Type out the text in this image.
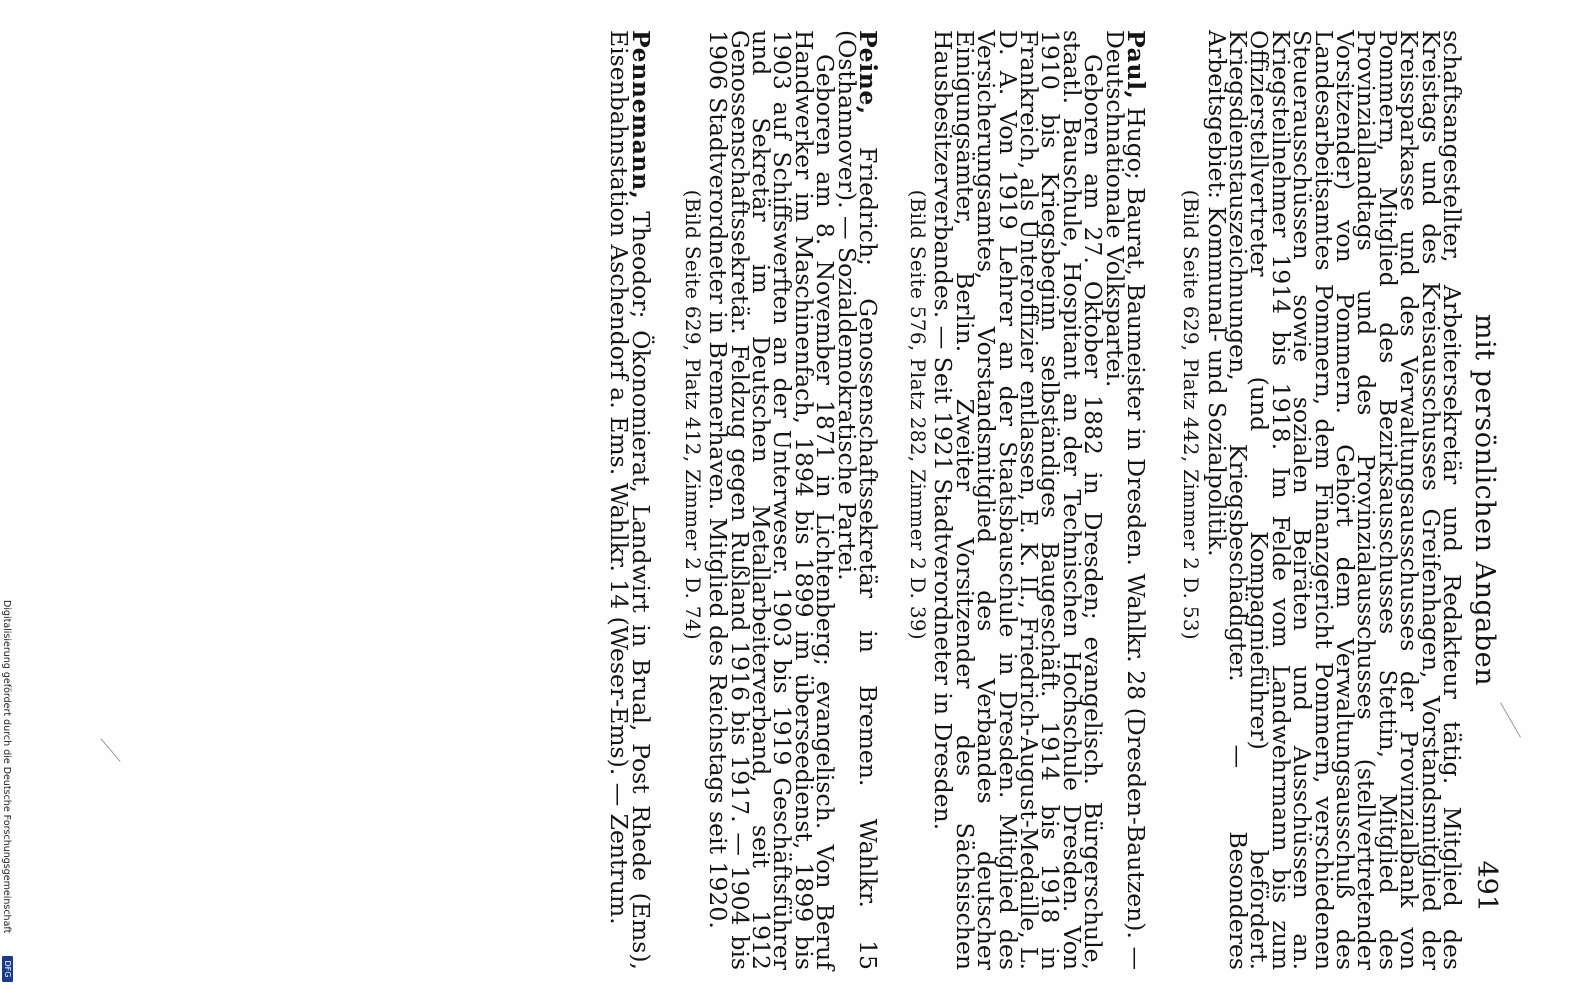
mit persönlichen Angaben
491

schaftsangestellter, Arbeitersekretär und Redakteur tätig. Mitglied des Kreistags und des Kreisausschusses Greifenhagen, Vorstandsmitglied der Kreissparkasse und des Verwaltungsausschusses der Provinzialbank von Pommern, Mitglied des Bezirksausschusses Stettin, Mitglied des Provinziallandtags und des Provinzialausschusses (stellvertretender Vorsitzender) von Pommern. Gehört dem Verwaltungsausschuß des Landesarbeitsamtes Pommern, dem Finanzgericht Pommern, verschiedenen Steuerausschüssen sowie sozialen Beiräten und Ausschüssen an. Kriegsteilnehmer 1914 bis 1918. Im Felde vom Landwehrmann bis zum Offizierstellvertreter (und Kompagnieführer) befördert. Kriegsdienstauszeichnungen, Kriegsbeschädigter. — Besonderes Arbeitsgebiet: Kommunal- und Sozialpolitik.

(Bild Seite 629, Platz 442, Zimmer 2 D. 53)

Paul, Hugo; Baurat, Baumeister in Dresden. Wahlkr. 28 (Dresden-Bautzen). — Deutschnationale Volkspartei.

Geboren am 27. Oktober 1882 in Dresden; evangelisch. Bürgerschule, staatl. Bauschule, Hospitant an der Technischen Hochschule Dresden. Von 1910 bis Kriegsbeginn selbständiges Baugeschäft. 1914 bis 1918 in Frankreich, als Unteroffizier entlassen, E. K. II., Friedrich-August-Medaille, L. D. A. Von 1919 Lehrer an der Staatsbauschule in Dresden. Mitglied des Versicherungsamtes, Vorstandsmitglied des Verbandes deutscher Einigungsämter, Berlin. Zweiter Vorsitzender des Sächsischen Hausbesitzerverbandes. — Seit 1921 Stadtverordneter in Dresden.

(Bild Seite 576, Platz 282, Zimmer 2 D. 39)

Peine, Friedrich; Genossenschaftssekretär in Bremen. Wahlkr. 15 (Osthannover). — Sozialdemokratische Partei.

Geboren am 8. November 1871 in Lichtenberg; evangelisch. Von Beruf Handwerker im Maschinenfach, 1894 bis 1899 im überseedienst, 1899 bis 1903 auf Schiffswerften an der Unterweser. 1903 bis 1919 Geschäftsführer und Sekretär im Deutschen Metallarbeiterverband, seit 1912 Genossenschaftssekretär. Feldzug gegen Rußland 1916 bis 1917. — 1904 bis 1906 Stadtverordneter in Bremerhaven. Mitglied des Reichstags seit 1920.

(Bild Seite 629, Platz 412, Zimmer 2 D. 74)

Pennemann, Theodor; Ökonomierat, Landwirt in Brual, Post Rhede (Ems), Eisenbahnstation Aschendorf a. Ems. Wahlkr. 14 (Weser-Ems). — Zentrum.

Digitalisierung gefördert durch die Deutsche Forschungsgemeinschaft
DFG
